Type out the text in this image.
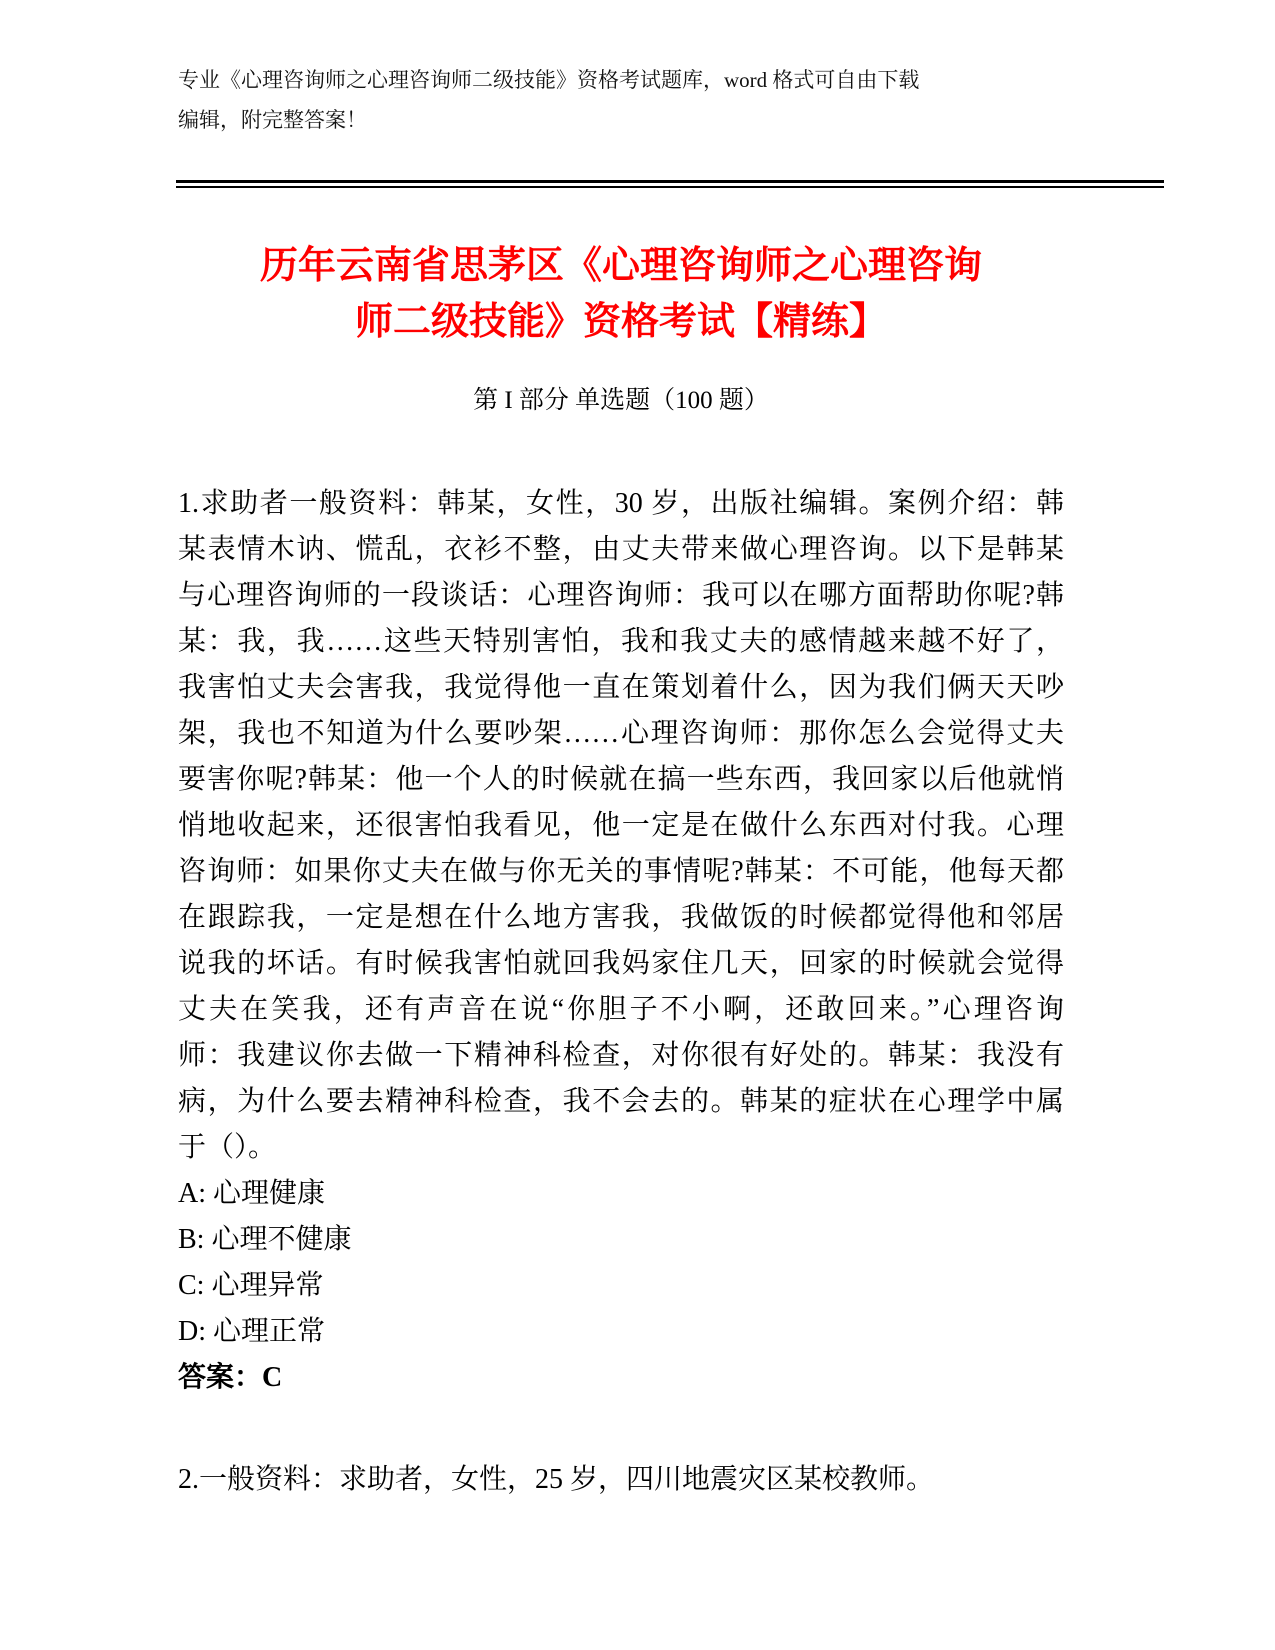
专业《心理咨询师之心理咨询师二级技能》资格考试题库，word 格式可自由下载
编辑，附完整答案！
历年云南省思茅区《心理咨询师之心理咨询
师二级技能》资格考试【精练】
第 I 部分 单选题（100 题）
1.求助者一般资料：韩某，女性，30 岁，出版社编辑。案例介绍：韩
某表情木讷、慌乱，衣衫不整，由丈夫带来做心理咨询。以下是韩某
与心理咨询师的一段谈话：心理咨询师：我可以在哪方面帮助你呢?韩
某：我，我……这些天特别害怕，我和我丈夫的感情越来越不好了，
我害怕丈夫会害我，我觉得他一直在策划着什么，因为我们俩天天吵
架，我也不知道为什么要吵架……心理咨询师：那你怎么会觉得丈夫
要害你呢?韩某：他一个人的时候就在搞一些东西，我回家以后他就悄
悄地收起来，还很害怕我看见，他一定是在做什么东西对付我。心理
咨询师：如果你丈夫在做与你无关的事情呢?韩某：不可能，他每天都
在跟踪我，一定是想在什么地方害我，我做饭的时候都觉得他和邻居
说我的坏话。有时候我害怕就回我妈家住几天，回家的时候就会觉得
丈夫在笑我，还有声音在说“你胆子不小啊，还敢回来。”心理咨询
师：我建议你去做一下精神科检查，对你很有好处的。韩某：我没有
病，为什么要去精神科检查，我不会去的。韩某的症状在心理学中属
于（）。
A: 心理健康
B: 心理不健康
C: 心理异常
D: 心理正常
答案：C
2.一般资料：求助者，女性，25 岁，四川地震灾区某校教师。
